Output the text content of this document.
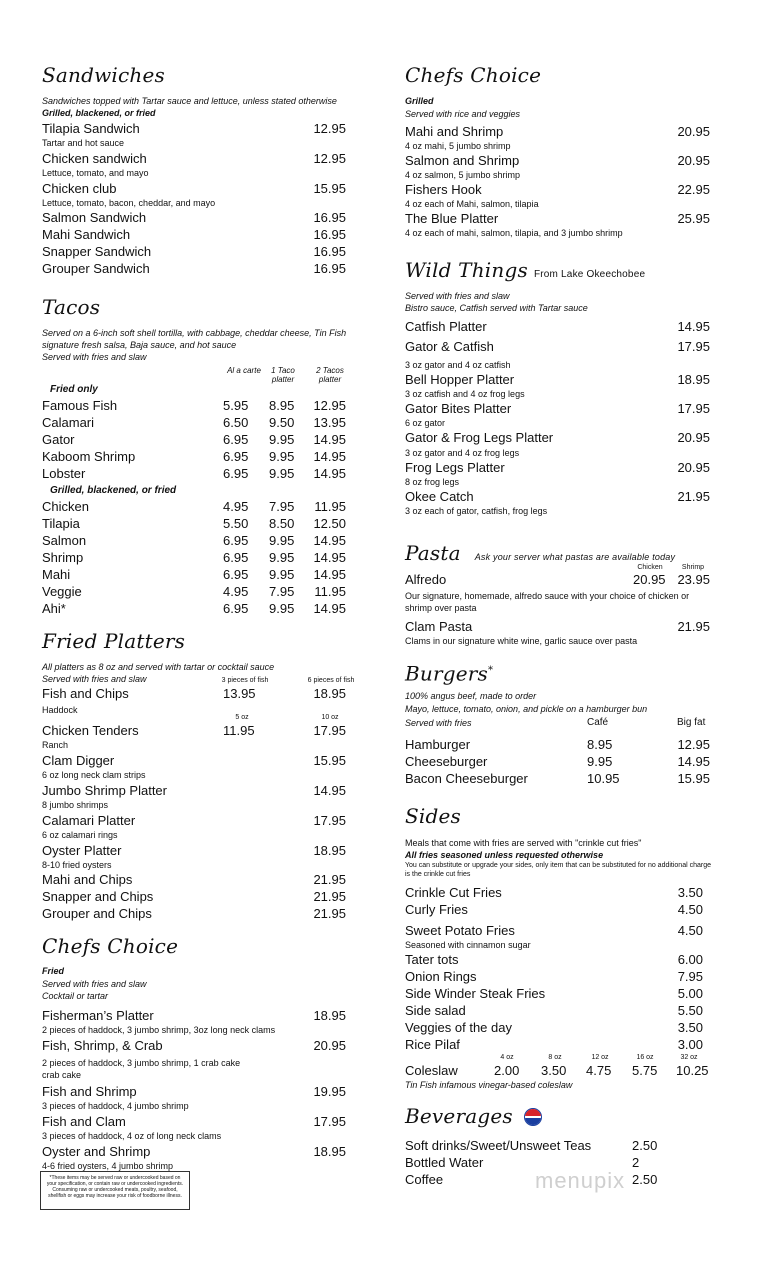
Sandwiches
Sandwiches topped with Tartar sauce and lettuce, unless stated otherwise
Grilled, blackened, or fried
Tilapia Sandwich	12.95
Tartar and hot sauce
Chicken sandwich	12.95
Lettuce, tomato, and mayo
Chicken club	15.95
Lettuce, tomato, bacon, cheddar, and mayo
Salmon Sandwich	16.95
Mahi Sandwich	16.95
Snapper Sandwich	16.95
Grouper Sandwich	16.95
Tacos
Served on a 6-inch soft shell tortilla, with cabbage, cheddar cheese, Tin Fish
signature fresh salsa, Baja sauce, and hot sauce
Served with fries and slaw
Al a carte	1 Taco platter
2 Tacos platter
Fried only
Famous Fish	5.95 8.95 12.95
Calamari	6.50 9.50 13.95
Gator	6.95 9.95 14.95
Kaboom Shrimp	6.95 9.95 14.95
Lobster	6.95 9.95 14.95
Grilled, blackened, or fried
Chicken	4.95 7.95 11.95
Tilapia	5.50 8.50 12.50
Salmon	6.95 9.95 14.95
Shrimp	6.95 9.95 14.95
Mahi	6.95 9.95 14.95
Veggie	4.95 7.95 11.95
Ahi*	6.95 9.95 14.95
Fried Platters
All platters as 8 oz and served with tartar or cocktail sauce
Served with fries and slaw	3 pieces of fish	6 pieces of fish
Fish and Chips	13.95	18.95
Haddock
5 oz	10 oz
Chicken Tenders	11.95	17.95
Ranch
Clam Digger	15.95
6 oz long neck clam strips
Jumbo Shrimp Platter	14.95
8 jumbo shrimps
Calamari Platter	17.95
6 oz calamari rings
Oyster Platter	18.95
8-10 fried oysters
Mahi and Chips	21.95
Snapper and Chips	21.95
Grouper and Chips	21.95
Chefs Choice
Fried
Served with fries and slaw
Cocktail or tartar
Fisherman’s Platter	18.95
2 pieces of haddock, 3 jumbo shrimp, 3oz long neck clams
Fish, Shrimp, & Crab	20.95
2 pieces of haddock, 3 jumbo shrimp, 1 crab cake
crab cake
Fish and Shrimp	19.95
3 pieces of haddock, 4 jumbo shrimp
Fish and Clam	17.95
3 pieces of haddock, 4 oz of long neck clams
Oyster and Shrimp	18.95
4-6 fried oysters, 4 jumbo shrimp
*These items may be served raw or undercooked based on your specification, or contain raw or undercooked ingredients. Consuming raw or undercooked meats, poultry, seafood, shellfish or eggs may increase your risk of foodborne illness.
Chefs Choice
Grilled
Served with rice and veggies
Mahi and Shrimp	20.95
4 oz mahi, 5 jumbo shrimp
Salmon and Shrimp	20.95
4 oz salmon, 5 jumbo shrimp
Fishers Hook	22.95
4 oz each of Mahi, salmon, tilapia
The Blue Platter	25.95
4 oz each of mahi, salmon, tilapia, and 3 jumbo shrimp
Wild Things From Lake Okeechobee
Served with fries and slaw
Bistro sauce, Catfish served with Tartar sauce
Catfish Platter	14.95
Gator & Catfish	17.95
3 oz gator and 4 oz catfish
Bell Hopper Platter	18.95
3 oz catfish and 4 oz frog legs
Gator Bites Platter	17.95
6 oz gator
Gator & Frog Legs Platter	20.95
3 oz gator and 4 oz frog legs
Frog Legs Platter	20.95
8 oz frog legs
Okee Catch	21.95
3 oz each of gator, catfish, frog legs
Pasta Ask your server what pastas are available today
Chicken	Shrimp
Alfredo	20.95 23.95
Our signature, homemade, alfredo sauce with your choice of chicken or
shrimp over pasta
Clam Pasta	21.95
Clams in our signature white wine, garlic sauce over pasta
Burgers*
100% angus beef, made to order
Mayo, lettuce, tomato, onion, and pickle on a hamburger bun
Served with fries	Café	Big fat
Hamburger	8.95	12.95
Cheeseburger	9.95	14.95
Bacon Cheeseburger	10.95	15.95
Sides
Meals that come with fries are served with "crinkle cut fries"
All fries seasoned unless requested otherwise
You can substitute or upgrade your sides, only item that can be substituted for no additional charge is the crinkle cut fries
Crinkle Cut Fries	3.50
Curly Fries	4.50
Sweet Potato Fries	4.50
Seasoned with cinnamon sugar
Tater tots	6.00
Onion Rings	7.95
Side Winder Steak Fries	5.00
Side salad	5.50
Veggies of the day	3.50
Rice Pilaf	3.00
Coleslaw
4 oz	8 oz	12 oz	16 oz	32 oz
2.00 3.50 4.75 5.75 10.25
Tin Fish infamous vinegar-based coleslaw
Beverages
Soft drinks/Sweet/Unsweet Teas	2.50
Bottled Water	2
Coffee	2.50
menupix
